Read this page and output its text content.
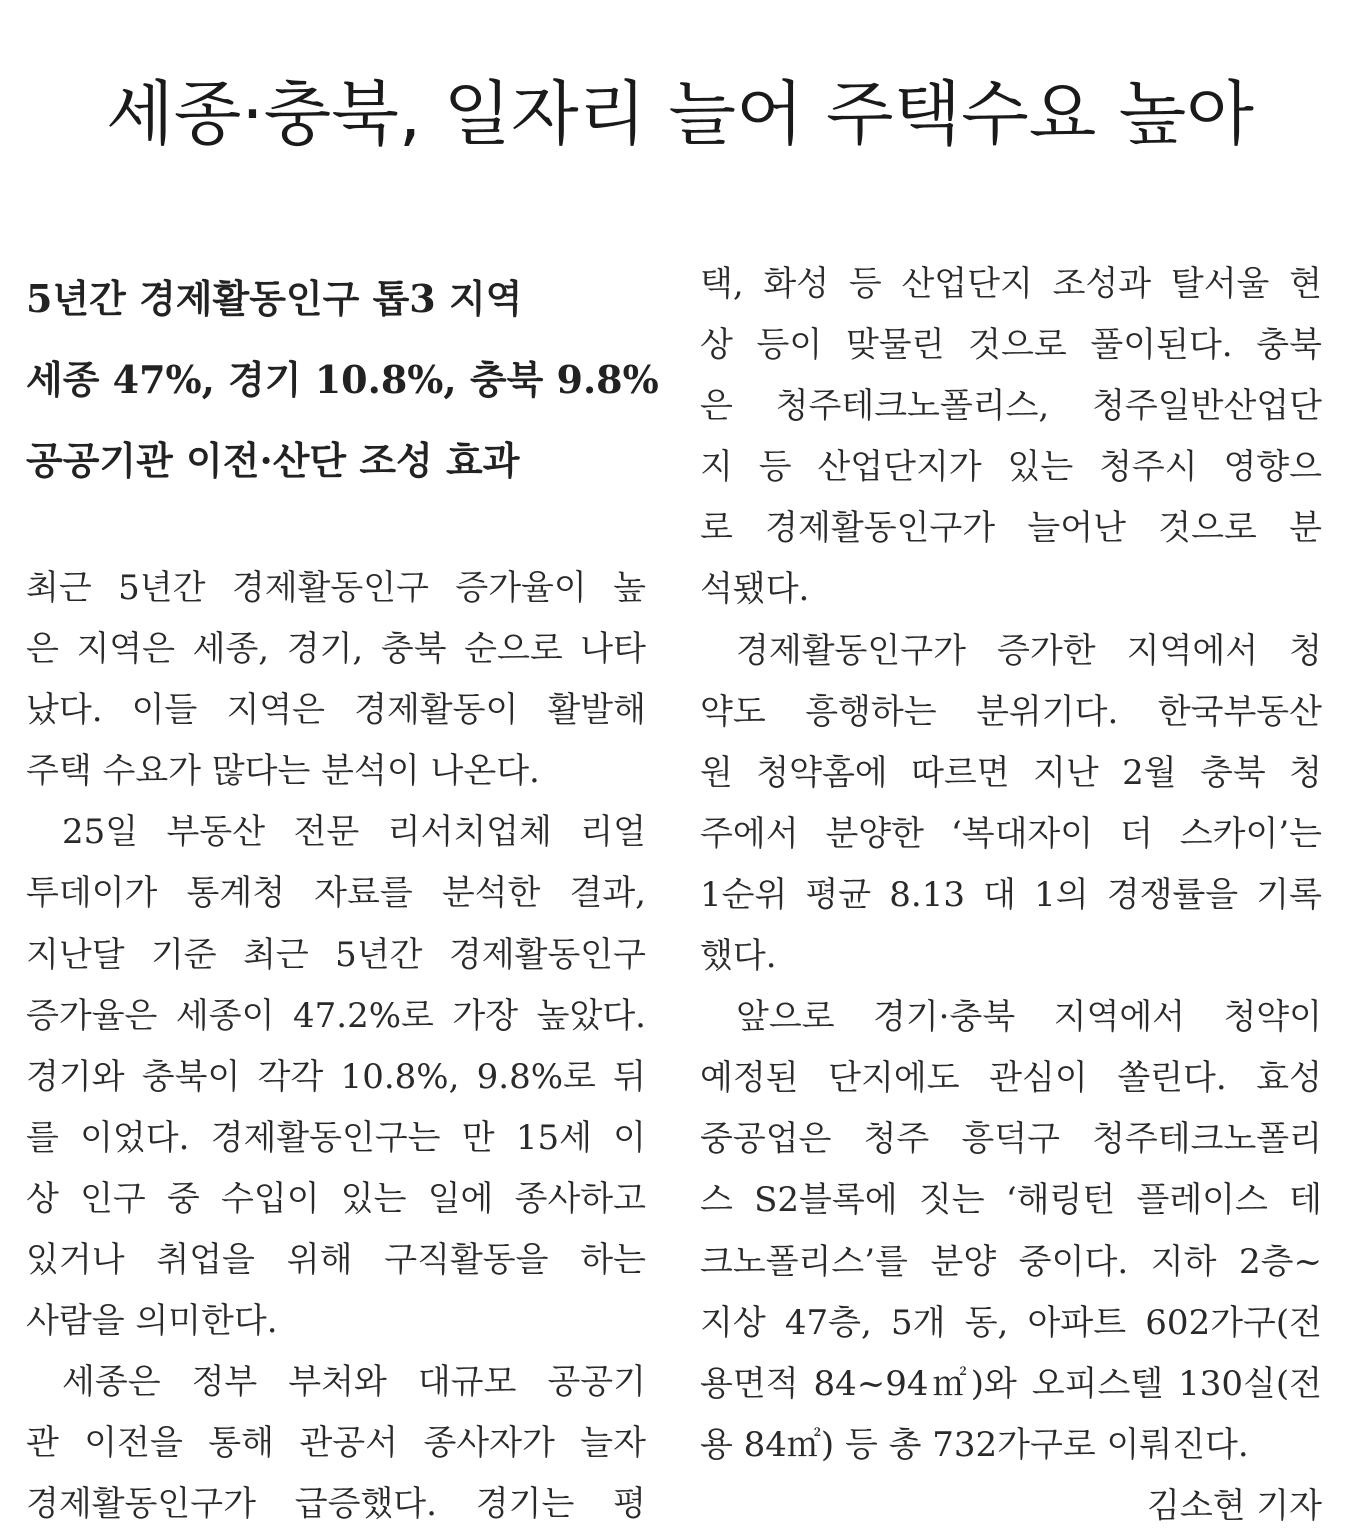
세종·충북, 일자리 늘어 주택수요 높아
5년간 경제활동인구 톱3 지역
세종 47%, 경기 10.8%, 충북 9.8%
공공기관 이전·산단 조성 효과
최근 5년간 경제활동인구 증가율이 높
은 지역은 세종, 경기, 충북 순으로 나타
났다. 이들 지역은 경제활동이 활발해
주택 수요가 많다는 분석이 나온다.
25일 부동산 전문 리서치업체 리얼
투데이가 통계청 자료를 분석한 결과,
지난달 기준 최근 5년간 경제활동인구
증가율은 세종이 47.2%로 가장 높았다.
경기와 충북이 각각 10.8%, 9.8%로 뒤
를 이었다. 경제활동인구는 만 15세 이
상 인구 중 수입이 있는 일에 종사하고
있거나 취업을 위해 구직활동을 하는
사람을 의미한다.
세종은 정부 부처와 대규모 공공기
관 이전을 통해 관공서 종사자가 늘자
경제활동인구가 급증했다. 경기는 평
택, 화성 등 산업단지 조성과 탈서울 현
상 등이 맞물린 것으로 풀이된다. 충북
은 청주테크노폴리스, 청주일반산업단
지 등 산업단지가 있는 청주시 영향으
로 경제활동인구가 늘어난 것으로 분
석됐다.
경제활동인구가 증가한 지역에서 청
약도 흥행하는 분위기다. 한국부동산
원 청약홈에 따르면 지난 2월 충북 청
주에서 분양한 ‘복대자이 더 스카이’는
1순위 평균 8.13 대 1의 경쟁률을 기록
했다.
앞으로 경기·충북 지역에서 청약이
예정된 단지에도 관심이 쏠린다. 효성
중공업은 청주 흥덕구 청주테크노폴리
스 S2블록에 짓는 ‘해링턴 플레이스 테
크노폴리스’를 분양 중이다. 지하 2층~
지상 47층, 5개 동, 아파트 602가구(전
용면적 84~94㎡)와 오피스텔 130실(전
용 84㎡) 등 총 732가구로 이뤄진다.
김소현 기자
